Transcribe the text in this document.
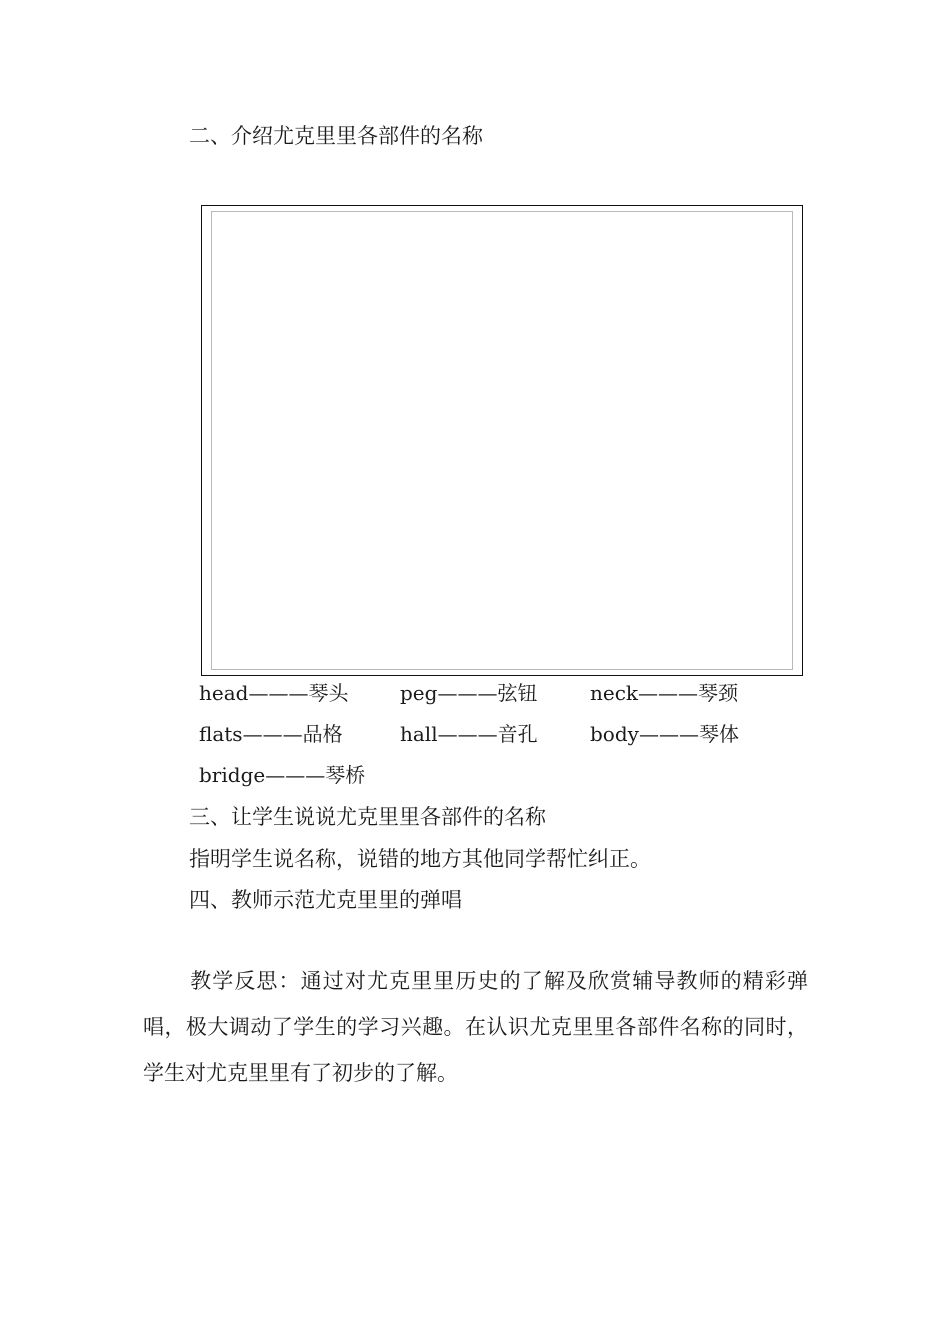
二、介绍尤克里里各部件的名称
head———琴头	peg———弦钮	neck———琴颈
flats———品格	hall———音孔	body———琴体
bridge———琴桥
三、让学生说说尤克里里各部件的名称
指明学生说名称，说错的地方其他同学帮忙纠正。
四、教师示范尤克里里的弹唱
教学反思：通过对尤克里里历史的了解及欣赏辅导教师的精彩弹唱，极大调动了学生的学习兴趣。在认识尤克里里各部件名称的同时，学生对尤克里里有了初步的了解。
